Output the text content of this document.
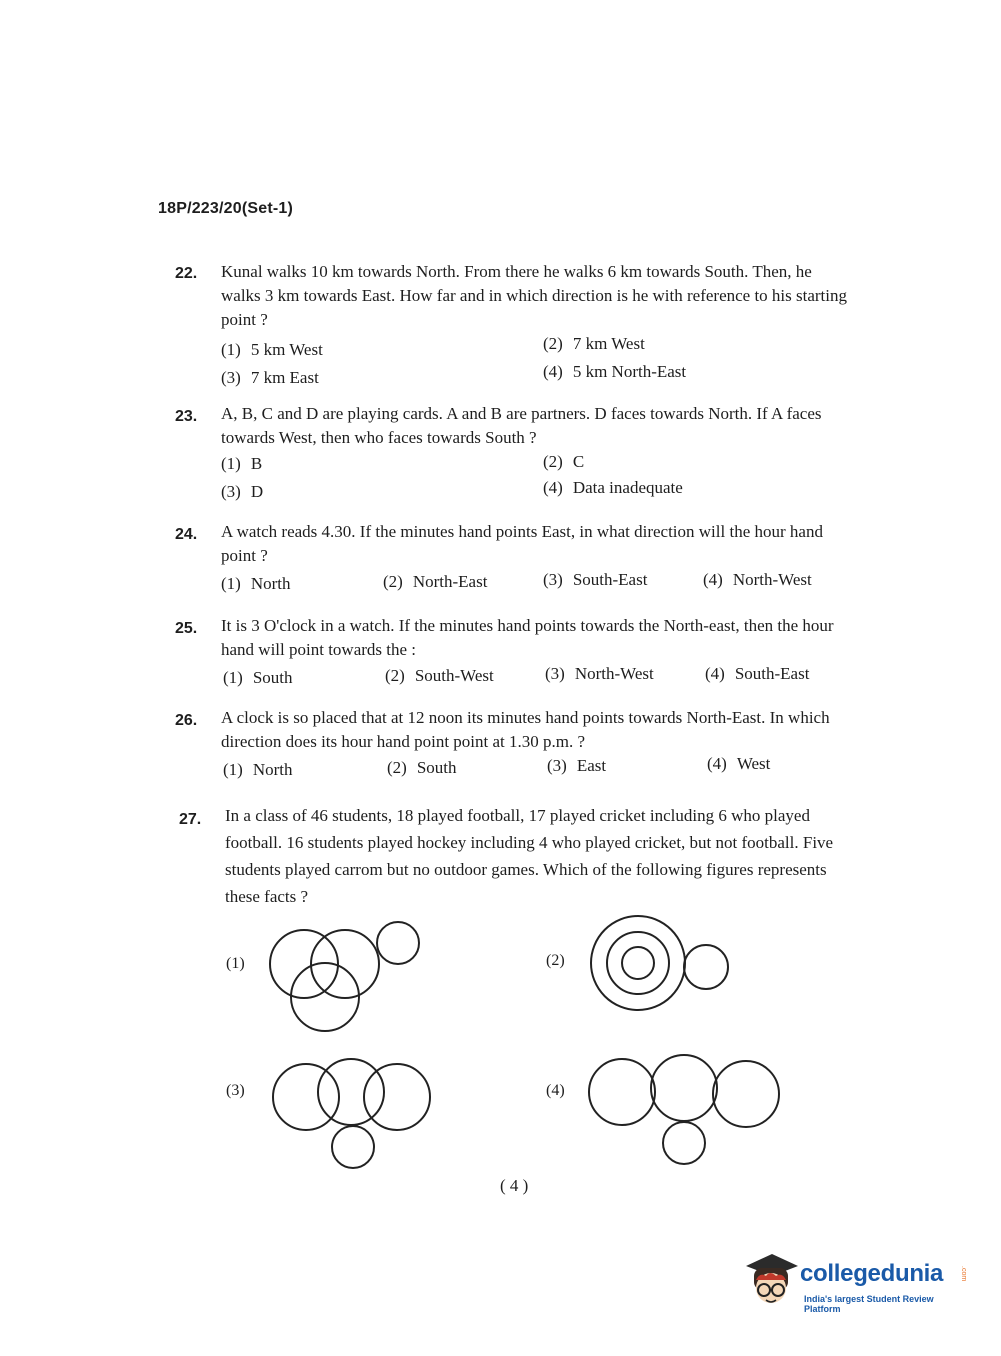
18P/223/20(Set-1)
22.	Kunal walks 10 km towards North. From there he walks 6 km towards South. Then, he walks 3 km towards East. How far and in which direction is he with reference to his starting point ?
(1) 5 km West	(2) 7 km West
(3) 7 km East	(4) 5 km North-East
23.	A, B, C and D are playing cards. A and B are partners. D faces towards North. If A faces towards West, then who faces towards South ?
(1) B	(2) C
(3) D	(4) Data inadequate
24.	A watch reads 4.30. If the minutes hand points East, in what direction will the hour hand point ?
(1) North	(2) North-East	(3) South-East	(4) North-West
25.	It is 3 O'clock in a watch. If the minutes hand points towards the North-east, then the hour hand will point towards the :
(1) South	(2) South-West	(3) North-West	(4) South-East
26.	A clock is so placed that at 12 noon its minutes hand points towards North-East. In which direction does its hour hand point point at 1.30 p.m. ?
(1) North	(2) South	(3) East	(4) West
27.	In a class of 46 students, 18 played football, 17 played cricket including 6 who played football. 16 students played hockey including 4 who played cricket, but not football. Five students played carrom but no outdoor games. Which of the following figures represents these facts ?
(1)	(2)
(3)	(4)
( 4 )
collegedunia .com
India's largest Student Review Platform
